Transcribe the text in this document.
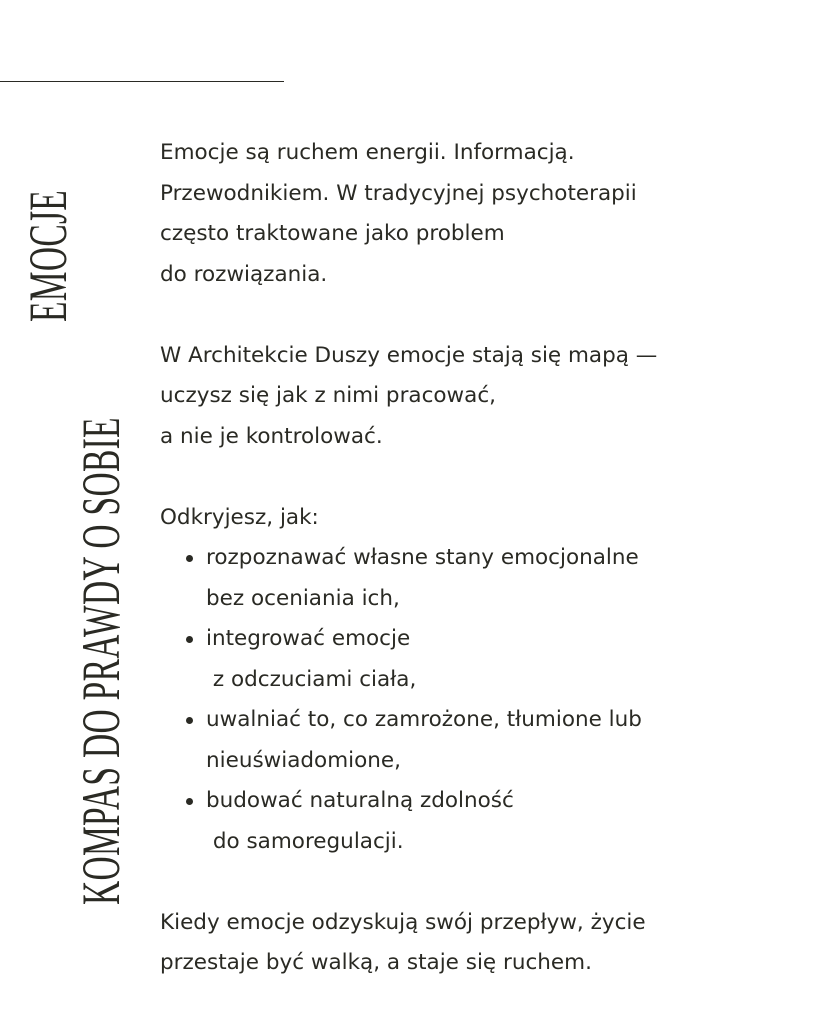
EMOCJE
KOMPAS DO PRAWDY O SOBIE

Emocje są ruchem energii. Informacją.
Przewodnikiem. W tradycyjnej psychoterapii
często traktowane jako problem
do rozwiązania.

W Architekcie Duszy emocje stają się mapą —
uczysz się jak z nimi pracować,
a nie je kontrolować.

Odkryjesz, jak:
rozpoznawać własne stany emocjonalne
bez oceniania ich,
integrować emocje
z odczuciami ciała,
uwalniać to, co zamrożone, tłumione lub
nieuświadomione,
budować naturalną zdolność
do samoregulacji.

Kiedy emocje odzyskują swój przepływ, życie
przestaje być walką, a staje się ruchem.
